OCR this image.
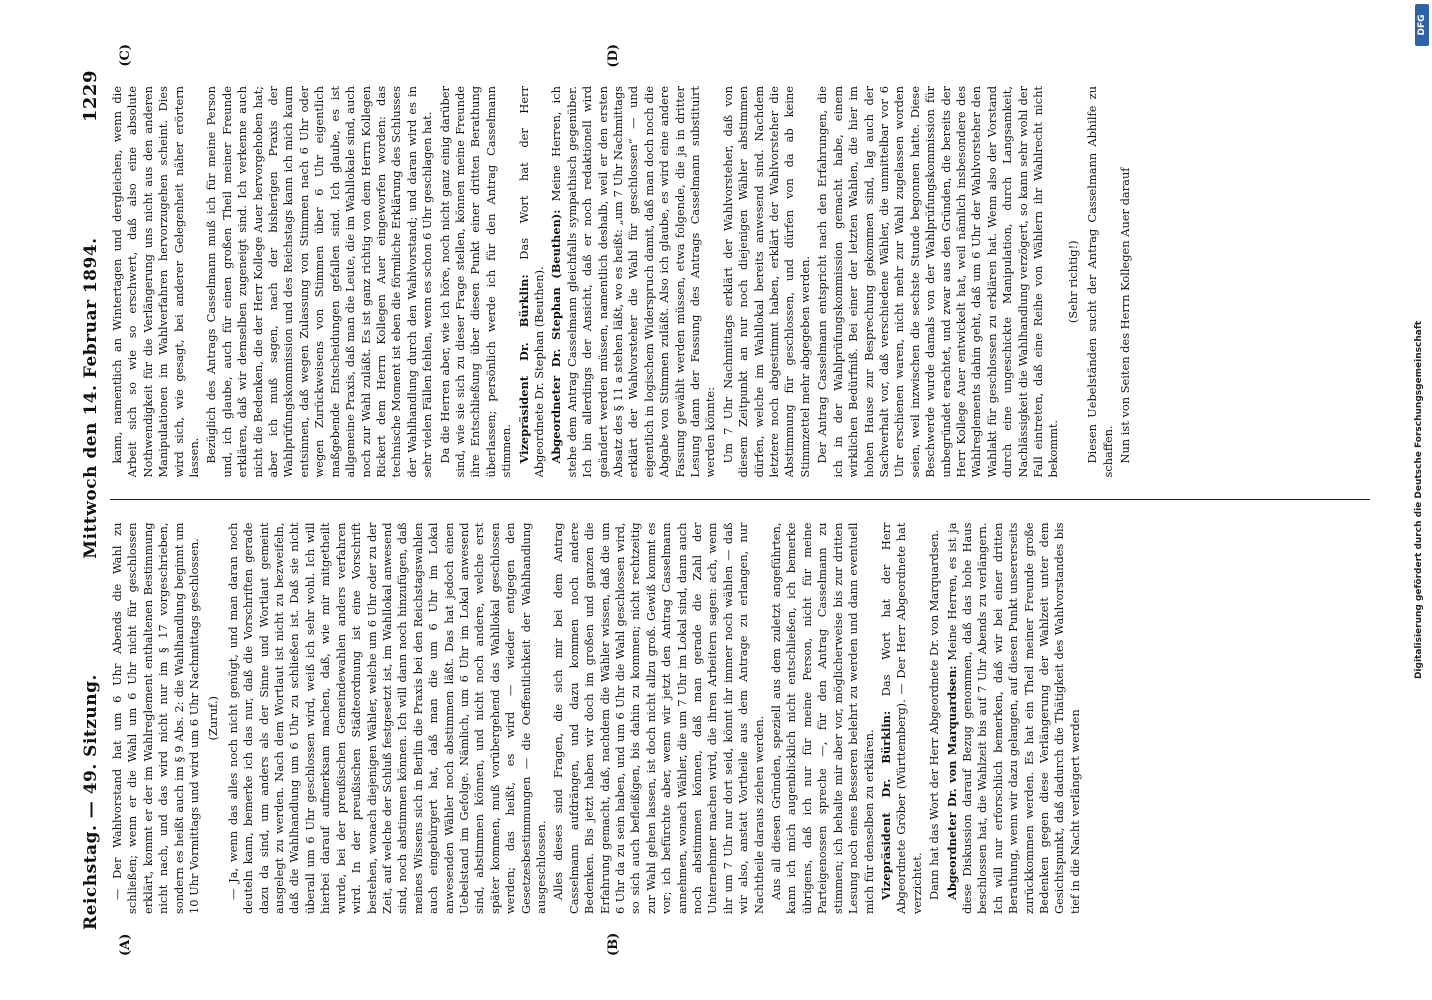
Reichstag. — 49. Sitzung.
Mittwoch den 14. Februar 1894.
1229
(A)	(B)
(C)	(D)

— Der Wahlvorstand hat um 6 Uhr Abends die Wahl zu schließen; wenn er die Wahl um 6 Uhr nicht für geschlossen erklärt, kommt er der im Wahlreglement enthaltenen Bestimmung nicht nach, und das wird nicht nur im § 17 vorgeschrieben, sondern es heißt auch im § 9 Abs. 2: die Wahlhandlung beginnt um 10 Uhr Vormittags und wird um 6 Uhr Nachmittags geschlossen. (Zuruf.) — Ja, wenn das alles noch nicht genügt, und man daran noch deuteln kann, bemerke ich das nur, daß die Vorschriften gerade dazu da sind, um anders als der Sinne und Wortlaut gemeint ausgelegt zu werden. Nach dem Wortlaut ist nicht zu bezweifeln, daß die Wahlhandlung um 6 Uhr zu schließen ist. Daß sie nicht überall um 6 Uhr geschlossen wird, weiß ich sehr wohl. Ich will hierbei darauf aufmerksam machen, daß, wie mir mitgetheilt wurde, bei der preußischen Gemeindewahlen anders verfahren wird. In der preußischen Städteordnung ist eine Vorschrift bestehen, wonach diejenigen Wähler, welche um 6 Uhr oder zu der Zeit, auf welche der Schluß festgesetzt ist, im Wahllokal anwesend sind, noch abstimmen können. Ich will dann noch hinzufügen, daß meines Wissens sich in Berlin die Praxis bei den Reichstagswahlen auch eingebürgert hat, daß man die um 6 Uhr im Lokal anwesenden Wähler noch abstimmen läßt. Das hat jedoch einen Uebelstand im Gefolge. Nämlich, um 6 Uhr im Lokal anwesend sind, abstimmen können, und nicht noch andere, welche erst später kommen, muß vorübergehend das Wahllokal geschlossen werden; das heißt, es wird — wieder entgegen den Gesetzesbestimmungen — die Oeffentlichkeit der Wahlhandlung ausgeschlossen. Alles dieses sind Fragen, die sich mir bei dem Antrag Casselmann aufdrängen, und dazu kommen noch andere Bedenken. Bis jetzt haben wir doch im großen und ganzen die Erfahrung gemacht, daß, nachdem die Wähler wissen, daß die um 6 Uhr da zu sein haben, und um 6 Uhr die Wahl geschlossen wird, so sich auch befleißigen, bis dahin zu kommen; nicht rechtzeitig zur Wahl gehen lassen, ist doch nicht allzu groß. Gewiß kommt es vor; ich befürchte aber, wenn wir jetzt den Antrag Casselmann annehmen, wonach Wähler, die um 7 Uhr im Lokal sind, dann auch noch abstimmen können, daß man gerade die Zahl der Unternehmer machen wird, die ihren Arbeitern sagen: ach, wenn ihr um 7 Uhr nur dort seid, könnt ihr immer noch wählen — daß wir also, anstatt Vortheile aus dem Antrage zu erlangen, nur Nachtheile daraus ziehen werden. Aus all diesen Gründen, speziell aus dem zuletzt angeführten, kann ich mich augenblicklich nicht entschließen, ich bemerke übrigens, daß ich nur für meine Person, nicht für meine Parteigenossen spreche —, für den Antrag Casselmann zu stimmen; ich behalte mir aber vor, möglicherweise bis zur dritten Lesung noch eines Besseren belehrt zu werden und dann eventuell mich für denselben zu erklären. Vizepräsident Dr. Bürklin: Das Wort hat der Herr Abgeordnete Gröber (Württemberg). — Der Herr Abgeordnete hat verzichtet. Dann hat das Wort der Herr Abgeordnete Dr. von Marquardsen. Abgeordneter Dr. von Marquardsen: Meine Herren, es ist ja diese Diskussion darauf Bezug genommen, daß das hohe Haus beschlossen hat, die Wahlzeit bis auf 7 Uhr Abends zu verlängern. Ich will nur erforschlich bemerken, daß wir bei einer dritten Berathung, wenn wir dazu gelangen, auf diesen Punkt unsererseits zurückkommen werden. Es hat ein Theil meiner Freunde große Bedenken gegen diese Verlängerung der Wahlzeit unter dem Gesichtspunkt, daß dadurch die Thätigkeit des Wahlvorstandes bis tief in die Nacht verlängert werden

kann, namentlich an Wintertagen und dergleichen, wenn die Arbeit sich so wie so erschwert, daß also eine absolute Nothwendigkeit für die Verlängerung uns nicht aus den anderen Manipulationen im Wahlverfahren hervorzugehen scheint. Dies wird sich, wie gesagt, bei anderer Gelegenheit näher erörtern lassen. Bezüglich des Antrags Casselmann muß ich für meine Person und, ich glaube, auch für einen großen Theil meiner Freunde erklären, daß wir demselben zugeneigt sind. Ich verkenne auch nicht die Bedenken, die der Herr Kollege Auer hervorgehoben hat; aber ich muß sagen, nach der bisherigen Praxis der Wahlprüfungskommission und des Reichstags kann ich mich kaum entsinnen, daß wegen Zulassung von Stimmen nach 6 Uhr oder wegen Zurückweisens von Stimmen über 6 Uhr eigentlich maßgebende Entscheidungen gefallen sind. Ich glaube, es ist allgemeine Praxis, daß man die Leute, die im Wahllokale sind, auch noch zur Wahl zuläßt. Es ist ganz richtig von dem Herrn Kollegen Rickert dem Herrn Kollegen Auer eingeworfen worden: das technische Moment ist eben die förmliche Erklärung des Schlusses der Wahlhandlung durch den Wahlvorstand; und daran wird es in sehr vielen Fällen fehlen, wenn es schon 6 Uhr geschlagen hat. Da die Herren aber, wie ich höre, noch nicht ganz einig darüber sind, wie sie sich zu dieser Frage stellen, können meine Freunde ihre Entschließung über diesen Punkt einer dritten Berathung überlassen; persönlich werde ich für den Antrag Casselmann stimmen. Vizepräsident Dr. Bürklin: Das Wort hat der Herr Abgeordnete Dr. Stephan (Beuthen). Abgeordneter Dr. Stephan (Beuthen): Meine Herren, ich stehe dem Antrag Casselmann gleichfalls sympathisch gegenüber. Ich bin allerdings der Ansicht, daß er noch redaktionell wird geändert werden müssen, namentlich deshalb, weil er den ersten Absatz des § 11 a stehen läßt, wo es heißt: „um 7 Uhr Nachmittags erklärt der Wahlvorsteher die Wahl für geschlossen“ — und eigentlich in logischem Widerspruch damit, daß man doch noch die Abgabe von Stimmen zuläßt. Also ich glaube, es wird eine andere Fassung gewählt werden müssen, etwa folgende, die ja in dritter Lesung dann der Fassung des Antrags Casselmann substituirt werden könnte: Um 7 Uhr Nachmittags erklärt der Wahlvorsteher, daß von diesem Zeitpunkt an nur noch diejenigen Wähler abstimmen dürfen, welche im Wahllokal bereits anwesend sind. Nachdem letztere noch abgestimmt haben, erklärt der Wahlvorsteher die Abstimmung für geschlossen, und dürfen von da ab keine Stimmzettel mehr abgegeben werden. Der Antrag Casselmann entspricht nach den Erfahrungen, die ich in der Wahlprüfungskommission gemacht habe, einem wirklichen Bedürfniß. Bei einer der letzten Wahlen, die hier im hohen Hause zur Besprechung gekommen sind, lag auch der Sachverhalt vor, daß verschiedene Wähler, die unmittelbar vor 6 Uhr erschienen waren, nicht mehr zur Wahl zugelassen worden seien, weil inzwischen die sechste Stunde begonnen hatte. Diese Beschwerde wurde damals von der Wahlprüfungskommission für unbegründet erachtet, und zwar aus den Gründen, die bereits der Herr Kollege Auer entwickelt hat, weil nämlich insbesondere des Wahlreglements dahin geht, daß um 6 Uhr der Wahlvorsteher den Wahlakt für geschlossen zu erklären hat. Wenn also der Vorstand durch eine ungeschickte Manipulation, durch Langsamkeit, Nachlässigkeit die Wahlhandlung verzögert, so kann sehr wohl der Fall eintreten, daß eine Reihe von Wählern ihr Wahlrecht nicht bekommt.

(Sehr richtig!) Diesen Uebelständen sucht der Antrag Casselmann Abhilfe zu schaffen. Nun ist von Seiten des Herrn Kollegen Auer darauf

DFG
Digitalisierung gefördert durch die Deutsche Forschungsgemeinschaft
